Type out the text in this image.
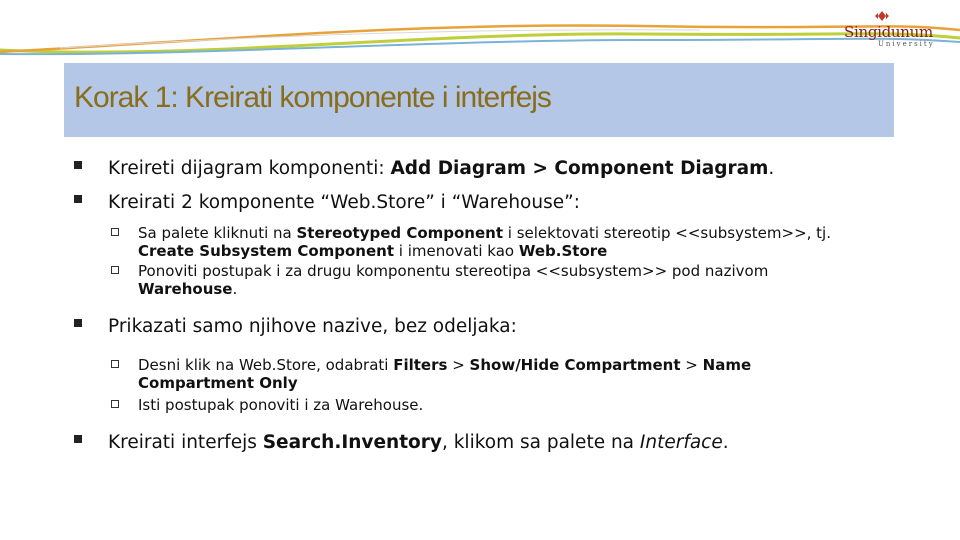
Singidunum
University
Korak 1: Kreirati komponente i interfejs

Kreireti dijagram komponenti: Add Diagram > Component Diagram.

Kreirati 2 komponente “Web.Store” i “Warehouse”:

Sa palete kliknuti na Stereotyped Component i selektovati stereotip <<subsystem>>, tj. Create Subsystem Component i imenovati kao Web.Store

Ponoviti postupak i za drugu komponentu stereotipa <<subsystem>> pod nazivom Warehouse.

Prikazati samo njihove nazive, bez odeljaka:

Desni klik na Web.Store, odabrati Filters > Show/Hide Compartment > Name Compartment Only

Isti postupak ponoviti i za Warehouse.

Kreirati interfejs Search.Inventory, klikom sa palete na Interface.
